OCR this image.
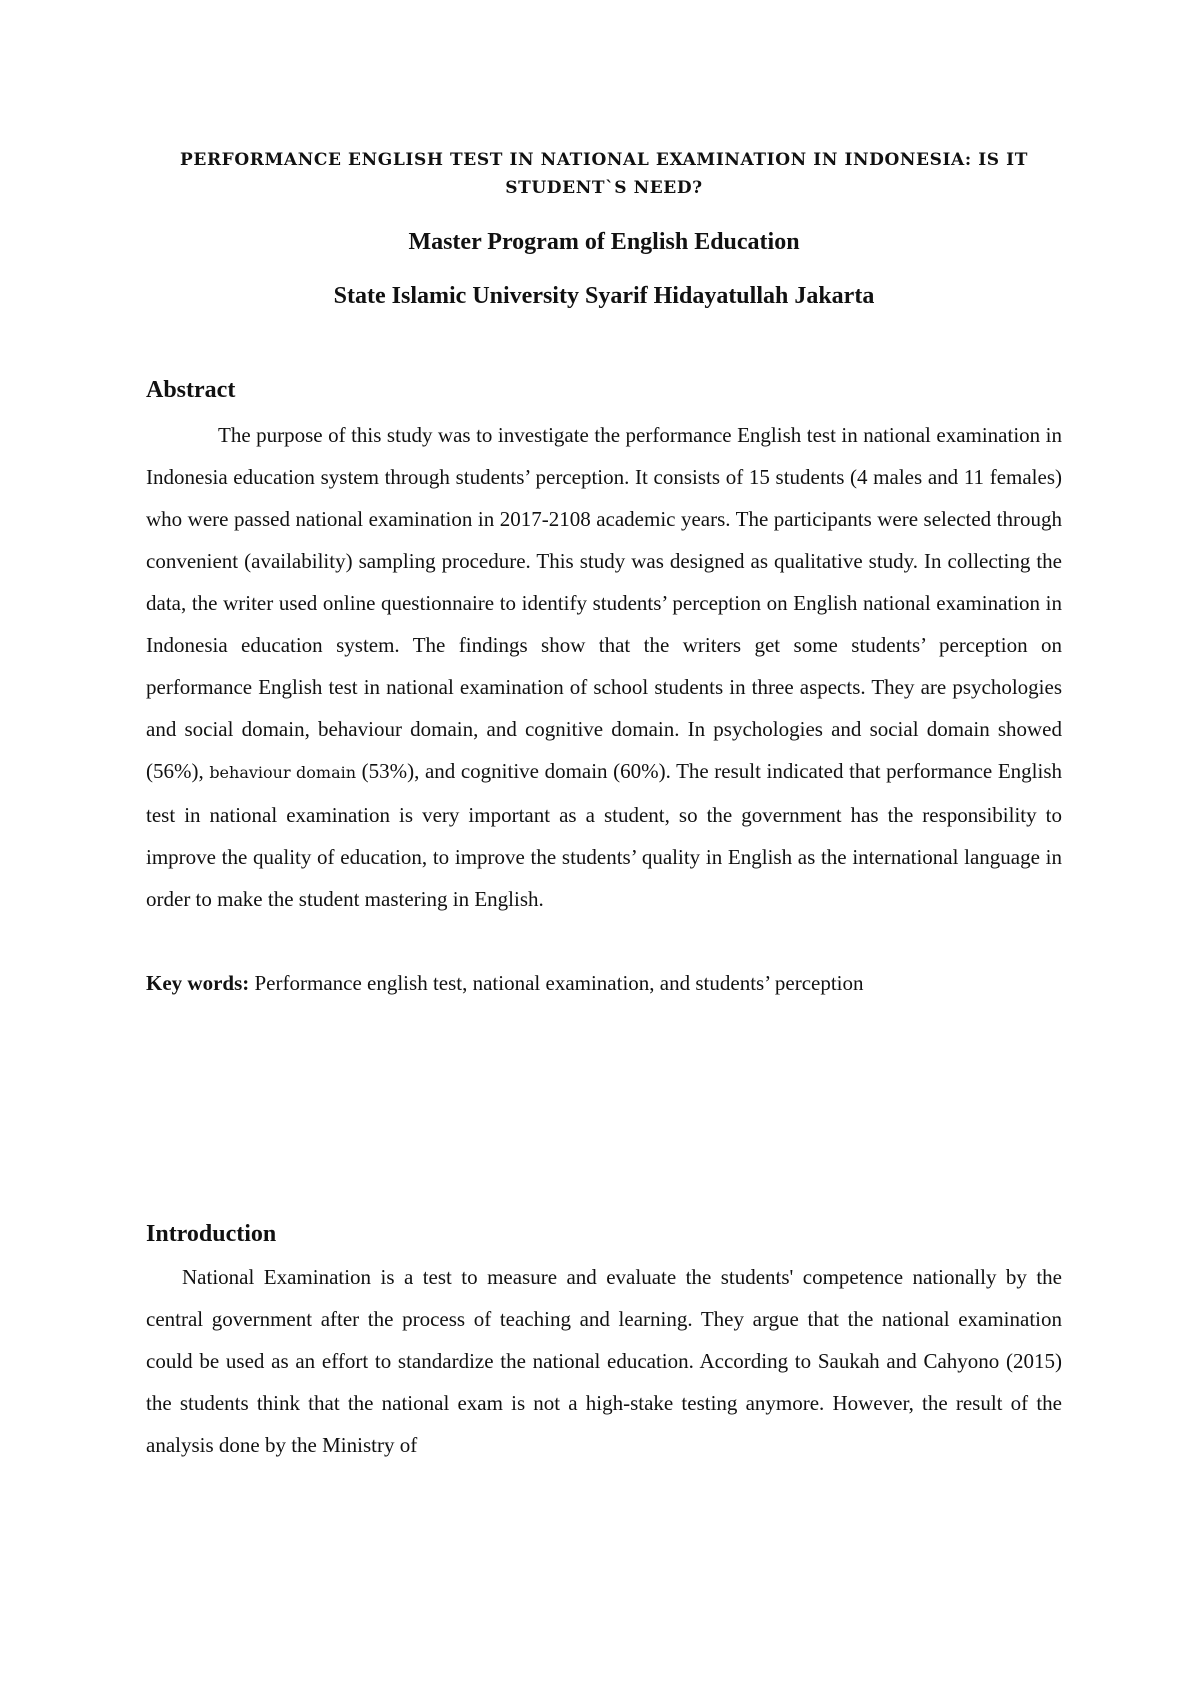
PERFORMANCE ENGLISH TEST IN NATIONAL EXAMINATION IN INDONESIA: IS IT STUDENT`S NEED?
Master Program of English Education
State Islamic University Syarif Hidayatullah Jakarta
Abstract

The purpose of this study was to investigate the performance English test in national examination in Indonesia education system through students’ perception. It consists of 15 students (4 males and 11 females) who were passed national examination in 2017-2108 academic years. The participants were selected through convenient (availability) sampling procedure. This study was designed as qualitative study. In collecting the data, the writer used online questionnaire to identify students’ perception on English national examination in Indonesia education system. The findings show that the writers get some students’ perception on performance English test in national examination of school students in three aspects. They are psychologies and social domain, behaviour domain, and cognitive domain. In psychologies and social domain showed (56%), behaviour domain (53%), and cognitive domain (60%). The result indicated that performance English test in national examination is very important as a student, so the government has the responsibility to improve the quality of education, to improve the students’ quality in English as the international language in order to make the student mastering in English.

Key words: Performance english test, national examination, and students’ perception

Introduction

National Examination is a test to measure and evaluate the students' competence nationally by the central government after the process of teaching and learning. They argue that the national examination could be used as an effort to standardize the national education. According to Saukah and Cahyono (2015) the students think that the national exam is not a high-stake testing anymore. However, the result of the analysis done by the Ministry of
